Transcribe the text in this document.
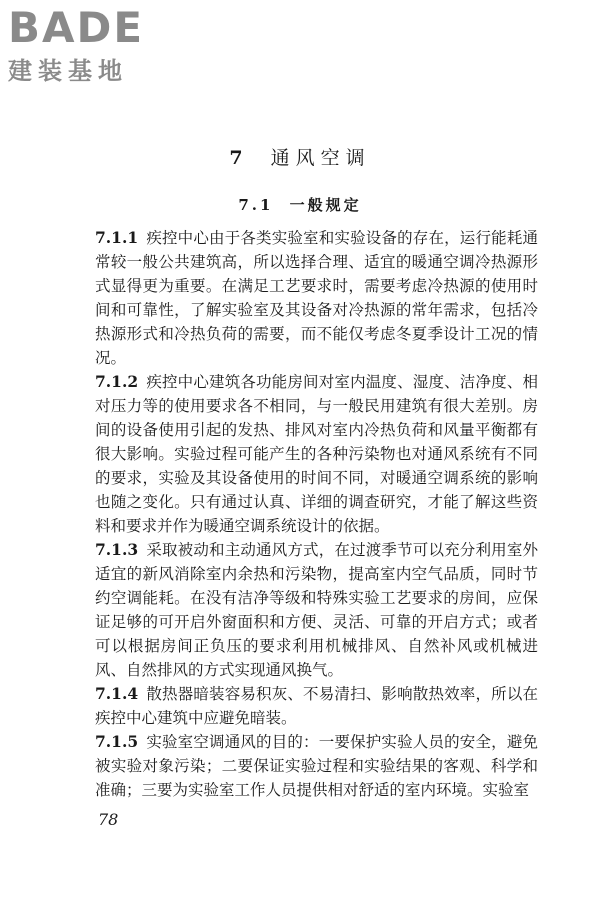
BADE
建装基地
7 通风空调
7.1 一般规定

7.1.1 疾控中心由于各类实验室和实验设备的存在，运行能耗通常较一般公共建筑高，所以选择合理、适宜的暖通空调冷热源形式显得更为重要。在满足工艺要求时，需要考虑冷热源的使用时间和可靠性，了解实验室及其设备对冷热源的常年需求，包括冷热源形式和冷热负荷的需要，而不能仅考虑冬夏季设计工况的情况。

7.1.2 疾控中心建筑各功能房间对室内温度、湿度、洁净度、相对压力等的使用要求各不相同，与一般民用建筑有很大差别。房间的设备使用引起的发热、排风对室内冷热负荷和风量平衡都有很大影响。实验过程可能产生的各种污染物也对通风系统有不同的要求，实验及其设备使用的时间不同，对暖通空调系统的影响也随之变化。只有通过认真、详细的调查研究，才能了解这些资料和要求并作为暖通空调系统设计的依据。

7.1.3 采取被动和主动通风方式，在过渡季节可以充分利用室外适宜的新风消除室内余热和污染物，提高室内空气品质，同时节约空调能耗。在没有洁净等级和特殊实验工艺要求的房间，应保证足够的可开启外窗面积和方便、灵活、可靠的开启方式；或者可以根据房间正负压的要求利用机械排风、自然补风或机械进风、自然排风的方式实现通风换气。

7.1.4 散热器暗装容易积灰、不易清扫、影响散热效率，所以在疾控中心建筑中应避免暗装。

7.1.5 实验室空调通风的目的：一要保护实验人员的安全，避免被实验对象污染；二要保证实验过程和实验结果的客观、科学和准确；三要为实验室工作人员提供相对舒适的室内环境。实验室

78
